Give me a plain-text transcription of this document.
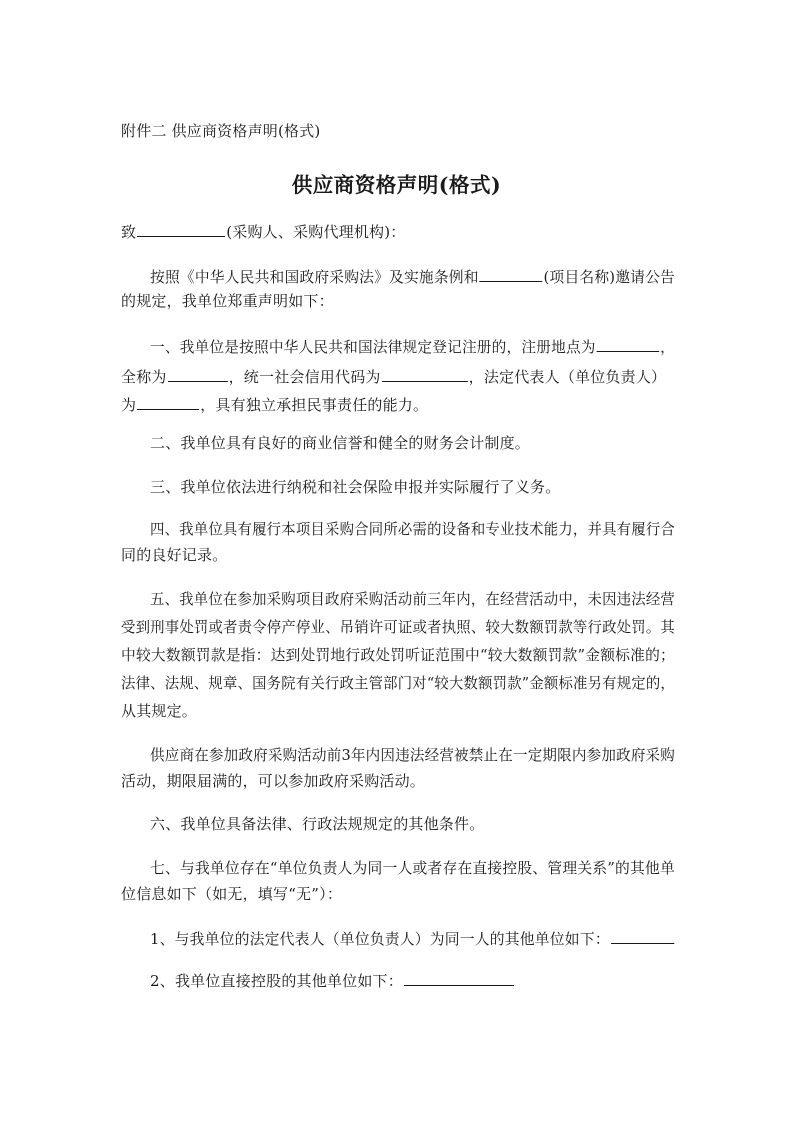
附件二 供应商资格声明(格式)
供应商资格声明(格式)
致	(采购人、采购代理机构)：
按照《中华人民共和国政府采购法》及实施条例和	(项目名称)邀请公告
的规定，我单位郑重声明如下：
一、我单位是按照中华人民共和国法律规定登记注册的，注册地点为	，
全称为	，统一社会信用代码为	，法定代表人（单位负责人）
为	，具有独立承担民事责任的能力。
二、我单位具有良好的商业信誉和健全的财务会计制度。
三、我单位依法进行纳税和社会保险申报并实际履行了义务。
四、我单位具有履行本项目采购合同所必需的设备和专业技术能力，并具有履行合
同的良好记录。
五、我单位在参加采购项目政府采购活动前三年内，在经营活动中，未因违法经营
受到刑事处罚或者责令停产停业、吊销许可证或者执照、较大数额罚款等行政处罚。其
中较大数额罚款是指：达到处罚地行政处罚听证范围中“较大数额罚款”金额标准的；
法律、法规、规章、国务院有关行政主管部门对“较大数额罚款”金额标准另有规定的，
从其规定。
供应商在参加政府采购活动前3年内因违法经营被禁止在一定期限内参加政府采购
活动，期限届满的，可以参加政府采购活动。
六、我单位具备法律、行政法规规定的其他条件。
七、与我单位存在“单位负责人为同一人或者存在直接控股、管理关系”的其他单
位信息如下（如无，填写“无”）：
1、与我单位的法定代表人（单位负责人）为同一人的其他单位如下：
2、我单位直接控股的其他单位如下：
